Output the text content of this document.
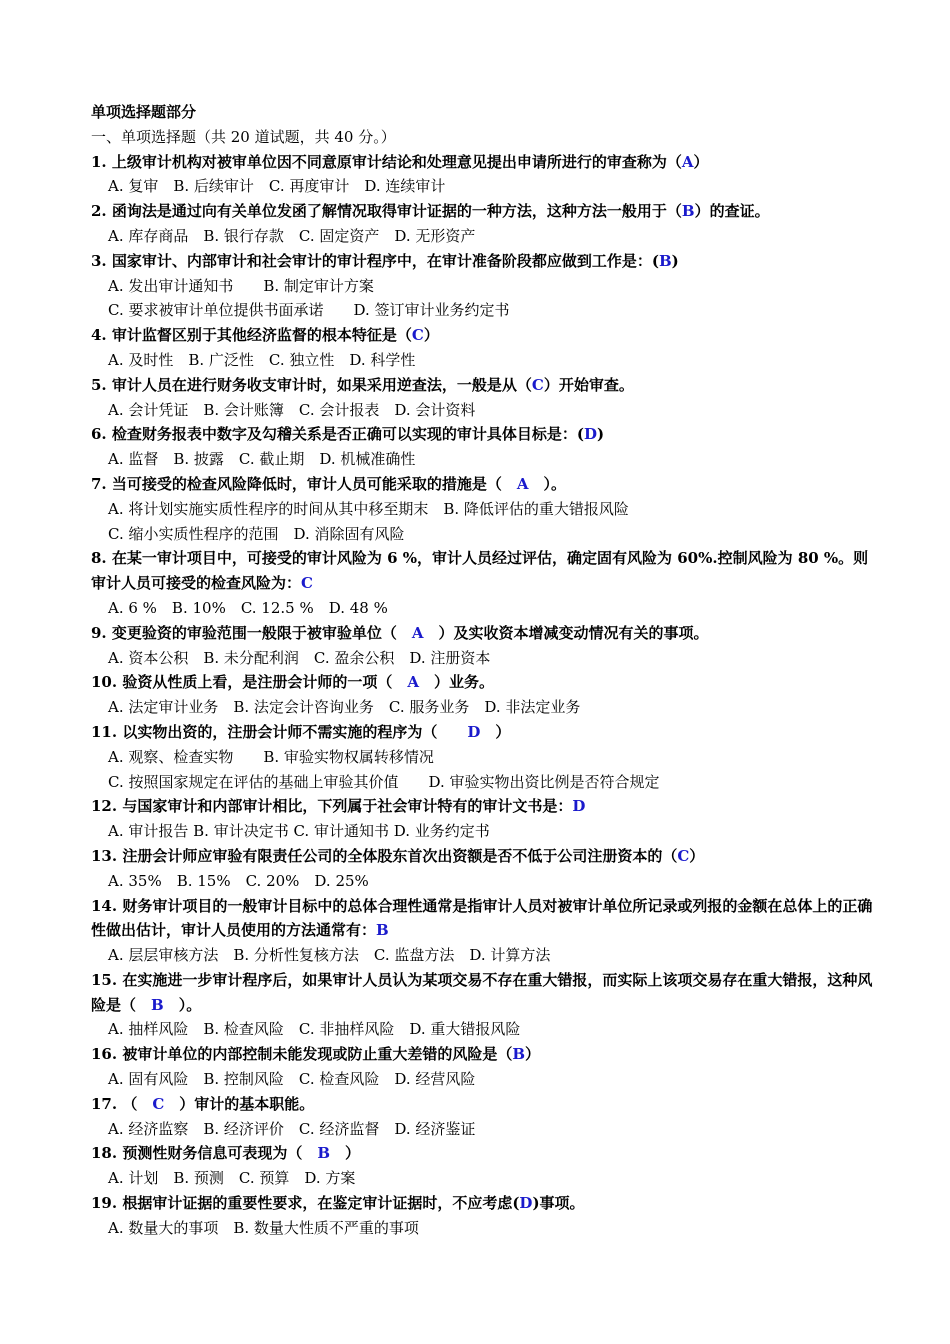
单项选择题部分
一、单项选择题（共 20 道试题，共 40 分。）
1. 上级审计机构对被审单位因不同意原审计结论和处理意见提出申请所进行的审查称为（A）
A. 复审　B. 后续审计　C. 再度审计　D. 连续审计
2. 函询法是通过向有关单位发函了解情况取得审计证据的一种方法，这种方法一般用于（B）的查证。
A. 库存商品　B. 银行存款　C. 固定资产　D. 无形资产
3. 国家审计、内部审计和社会审计的审计程序中，在审计准备阶段都应做到工作是：(B)
A. 发出审计通知书　　B. 制定审计方案
C. 要求被审计单位提供书面承诺　　D. 签订审计业务约定书
4. 审计监督区别于其他经济监督的根本特征是（C）
A. 及时性　B. 广泛性　C. 独立性　D. 科学性
5. 审计人员在进行财务收支审计时，如果采用逆查法，一般是从（C）开始审查。
A. 会计凭证　B. 会计账簿　C. 会计报表　D. 会计资料
6. 检查财务报表中数字及勾稽关系是否正确可以实现的审计具体目标是：(D)
A. 监督　B. 披露　C. 截止期　D. 机械准确性
7. 当可接受的检查风险降低时，审计人员可能采取的措施是（　A　）。
A. 将计划实施实质性程序的时间从其中移至期末　B. 降低评估的重大错报风险
C. 缩小实质性程序的范围　D. 消除固有风险
8. 在某一审计项目中，可接受的审计风险为 6 %，审计人员经过评估，确定固有风险为 60%.控制风险为 80 %。则审计人员可接受的检查风险为：C
A. 6 %　B. 10%　C. 12.5 %　D. 48 %
9. 变更验资的审验范围一般限于被审验单位（　A　）及实收资本增减变动情况有关的事项。
A. 资本公积　B. 未分配利润　C. 盈余公积　D. 注册资本
10. 验资从性质上看，是注册会计师的一项（　A　）业务。
A. 法定审计业务　B. 法定会计咨询业务　C. 服务业务　D. 非法定业务
11. 以实物出资的，注册会计师不需实施的程序为（　　D　）
A. 观察、检查实物　　B. 审验实物权属转移情况
C. 按照国家规定在评估的基础上审验其价值　　D. 审验实物出资比例是否符合规定
12. 与国家审计和内部审计相比，下列属于社会审计特有的审计文书是：D
A. 审计报告 B. 审计决定书 C. 审计通知书 D. 业务约定书
13. 注册会计师应审验有限责任公司的全体股东首次出资额是否不低于公司注册资本的（C）
A. 35%　B. 15%　C. 20%　D. 25%
14. 财务审计项目的一般审计目标中的总体合理性通常是指审计人员对被审计单位所记录或列报的金额在总体上的正确性做出估计，审计人员使用的方法通常有：B
A. 层层审核方法　B. 分析性复核方法　C. 监盘方法　D. 计算方法
15. 在实施进一步审计程序后，如果审计人员认为某项交易不存在重大错报，而实际上该项交易存在重大错报，这种风险是（　B　）。
A. 抽样风险　B. 检查风险　C. 非抽样风险　D. 重大错报风险
16. 被审计单位的内部控制未能发现或防止重大差错的风险是（B）
A. 固有风险　B. 控制风险　C. 检查风险　D. 经营风险
17. （　C　）审计的基本职能。
A. 经济监察　B. 经济评价　C. 经济监督　D. 经济鉴证
18. 预测性财务信息可表现为（　B　）
A. 计划　B. 预测　C. 预算　D. 方案
19. 根据审计证据的重要性要求，在鉴定审计证据时，不应考虑(D)事项。
A. 数量大的事项　B. 数量大性质不严重的事项
